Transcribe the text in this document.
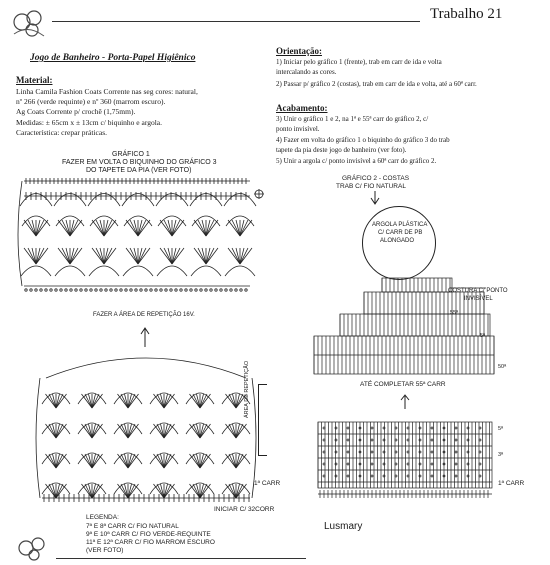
Trabalho 21
Jogo de Banheiro - Porta-Papel Higiênico
Material:
Linha Camila Fashion Coats Corrente nas seg cores: natural,
nº 266 (verde requinte) e nº 360 (marrom escuro).
Ag Coats Corrente p/ crochê (1,75mm).
Medidas: ± 65cm x ± 13cm c/ biquinho e argola.
Característica: crepar práticas.
Orientação:
1) Iniciar pelo gráfico 1 (frente), trab em carr de ida e volta
intercalando as cores.
2) Passar p/ gráfico 2 (costas), trab em carr de ida e volta, até a 60ª carr.
Acabamento:
3) Unir o gráfico 1 e 2, na 1ª e 55ª carr do gráfico 2, c/
ponto invisível.
4) Fazer em volta do gráfico 1 o biquinho do gráfico 3 do trab
tapete da pia deste jogo de banheiro (ver foto).
5) Unir a argola c/ ponto invisível a 60ª carr do gráfico 2.
GRÁFICO 1
FAZER EM VOLTA O BIQUINHO DO GRÁFICO 3
DO TAPETE DA PIA (VER FOTO)
FAZER A ÁREA DE REPETIÇÃO 16V.
ÁREA DE REPETIÇÃO
1ª CARR
INICIAR C/ 32CORR
LEGENDA:
7ª E 8ª CARR C/ FIO NATURAL
9ª E 10ª CARR C/ FIO VERDE-REQUINTE
11ª E 12ª CARR C/ FIO MARROM ESCURO
(VER FOTO)
GRÁFICO 2 - COSTAS
TRAB C/ FIO NATURAL
ARGOLA PLÁSTICA
C/ CARR DE PB
ALONGADO
COSTURA C/ PONTO
INVISÍVEL
55ª
5ª
50ª
ATÉ COMPLETAR 55ª CARR
5ª
3ª
1ª CARR
Lusmary
